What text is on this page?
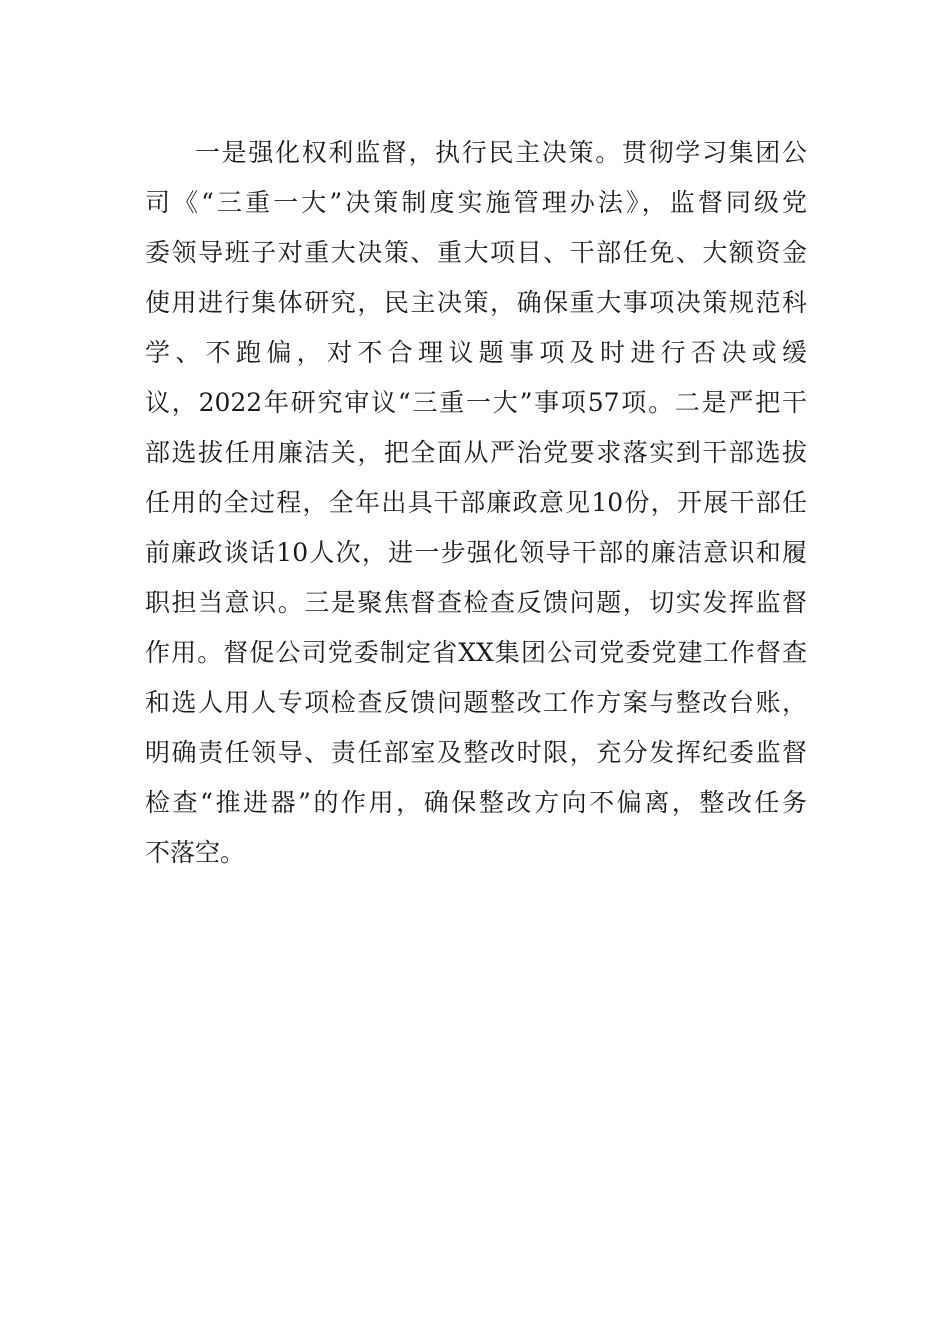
一是强化权利监督，执行民主决策。贯彻学习集团公
司《“三重一大”决策制度实施管理办法》，监督同级党
委领导班子对重大决策、重大项目、干部任免、大额资金
使用进行集体研究，民主决策，确保重大事项决策规范科
学、不跑偏，对不合理议题事项及时进行否决或缓
议，2022年研究审议“三重一大”事项57项。二是严把干
部选拔任用廉洁关，把全面从严治党要求落实到干部选拔
任用的全过程，全年出具干部廉政意见10份，开展干部任
前廉政谈话10人次，进一步强化领导干部的廉洁意识和履
职担当意识。三是聚焦督查检查反馈问题，切实发挥监督
作用。督促公司党委制定省XX集团公司党委党建工作督查
和选人用人专项检查反馈问题整改工作方案与整改台账，
明确责任领导、责任部室及整改时限，充分发挥纪委监督
检查“推进器”的作用，确保整改方向不偏离，整改任务
不落空。
